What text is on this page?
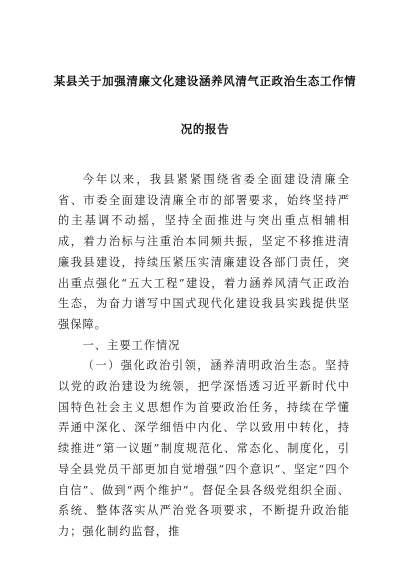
某县关于加强清廉文化建设涵养风清气正政治生态工作情
况的报告

今年以来，我县紧紧围绕省委全面建设清廉全省、市委全面建设清廉全市的部署要求，始终坚持严的主基调不动摇，坚持全面推进与突出重点相辅相成，着力治标与注重治本同频共振，坚定不移推进清廉我县建设，持续压紧压实清廉建设各部门责任，突出重点强化“五大工程”建设，着力涵养风清气正政治生态，为奋力谱写中国式现代化建设我县实践提供坚强保障。

一、主要工作情况

（一）强化政治引领，涵养清明政治生态。坚持以党的政治建设为统领，把学深悟透习近平新时代中国特色社会主义思想作为首要政治任务，持续在学懂弄通中深化、深学细悟中内化、学以致用中转化，持续推进“第一议题”制度规范化、常态化、制度化，引导全县党员干部更加自觉增强“四个意识”、坚定“四个自信”、做到“两个维护”。督促全县各级党组织全面、系统、整体落实从严治党各项要求，不断提升政治能力；强化制约监督，推
